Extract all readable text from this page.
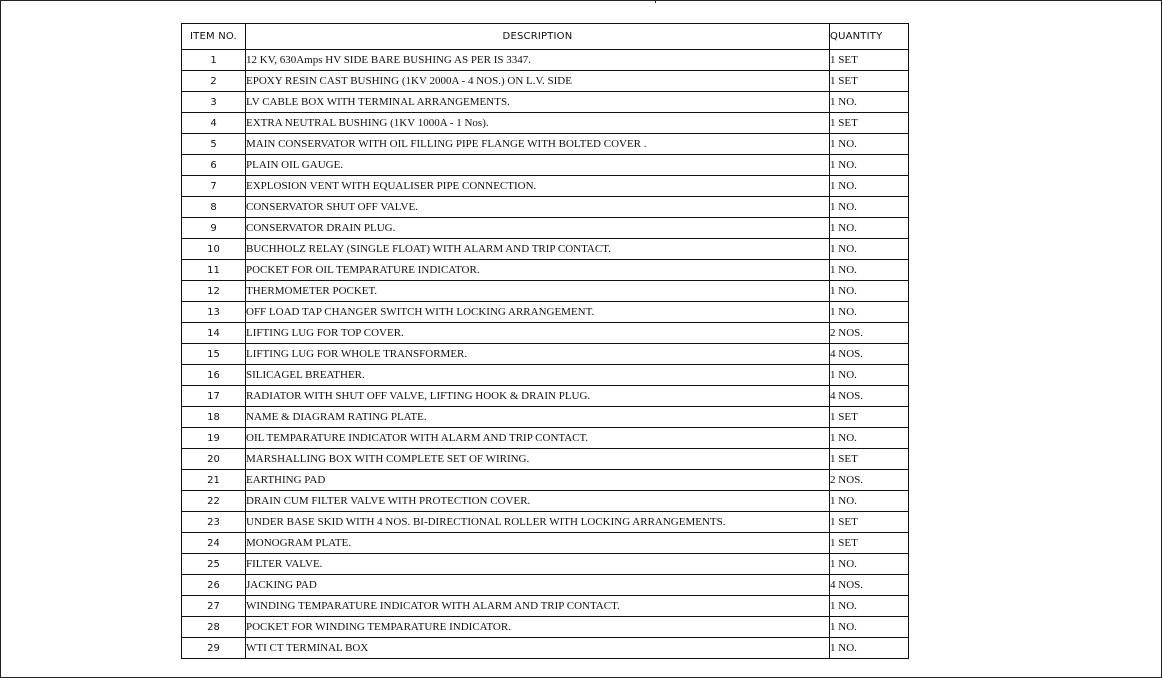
ITEM NO.	DESCRIPTION	QUANTITY
1	12 KV, 630Amps HV SIDE BARE BUSHING AS PER IS 3347.	1 SET
2	EPOXY RESIN CAST BUSHING (1KV 2000A - 4 NOS.) ON L.V. SIDE	1 SET
3	LV CABLE BOX WITH TERMINAL ARRANGEMENTS.	1 NO.
4	EXTRA NEUTRAL BUSHING (1KV 1000A - 1 Nos).	1 SET
5	MAIN CONSERVATOR WITH OIL FILLING PIPE FLANGE WITH BOLTED COVER .	1 NO.
6	PLAIN OIL GAUGE.	1 NO.
7	EXPLOSION VENT WITH EQUALISER PIPE CONNECTION.	1 NO.
8	CONSERVATOR SHUT OFF VALVE.	1 NO.
9	CONSERVATOR DRAIN PLUG.	1 NO.
10	BUCHHOLZ RELAY (SINGLE FLOAT) WITH ALARM AND TRIP CONTACT.	1 NO.
11	POCKET FOR OIL TEMPARATURE INDICATOR.	1 NO.
12	THERMOMETER POCKET.	1 NO.
13	OFF LOAD TAP CHANGER SWITCH WITH LOCKING ARRANGEMENT.	1 NO.
14	LIFTING LUG FOR TOP COVER.	2 NOS.
15	LIFTING LUG FOR WHOLE TRANSFORMER.	4 NOS.
16	SILICAGEL BREATHER.	1 NO.
17	RADIATOR WITH SHUT OFF VALVE, LIFTING HOOK & DRAIN PLUG.	4 NOS.
18	NAME & DIAGRAM RATING PLATE.	1 SET
19	OIL TEMPARATURE INDICATOR WITH ALARM AND TRIP CONTACT.	1 NO.
20	MARSHALLING BOX WITH COMPLETE SET OF WIRING.	1 SET
21	EARTHING PAD	2 NOS.
22	DRAIN CUM FILTER VALVE WITH PROTECTION COVER.	1 NO.
23	UNDER BASE SKID WITH 4 NOS. BI-DIRECTIONAL ROLLER WITH LOCKING ARRANGEMENTS.	1 SET
24	MONOGRAM PLATE.	1 SET
25	FILTER VALVE.	1 NO.
26	JACKING PAD	4 NOS.
27	WINDING TEMPARATURE INDICATOR WITH ALARM AND TRIP CONTACT.	1 NO.
28	POCKET FOR WINDING TEMPARATURE INDICATOR.	1 NO.
29	WTI CT TERMINAL BOX	1 NO.
